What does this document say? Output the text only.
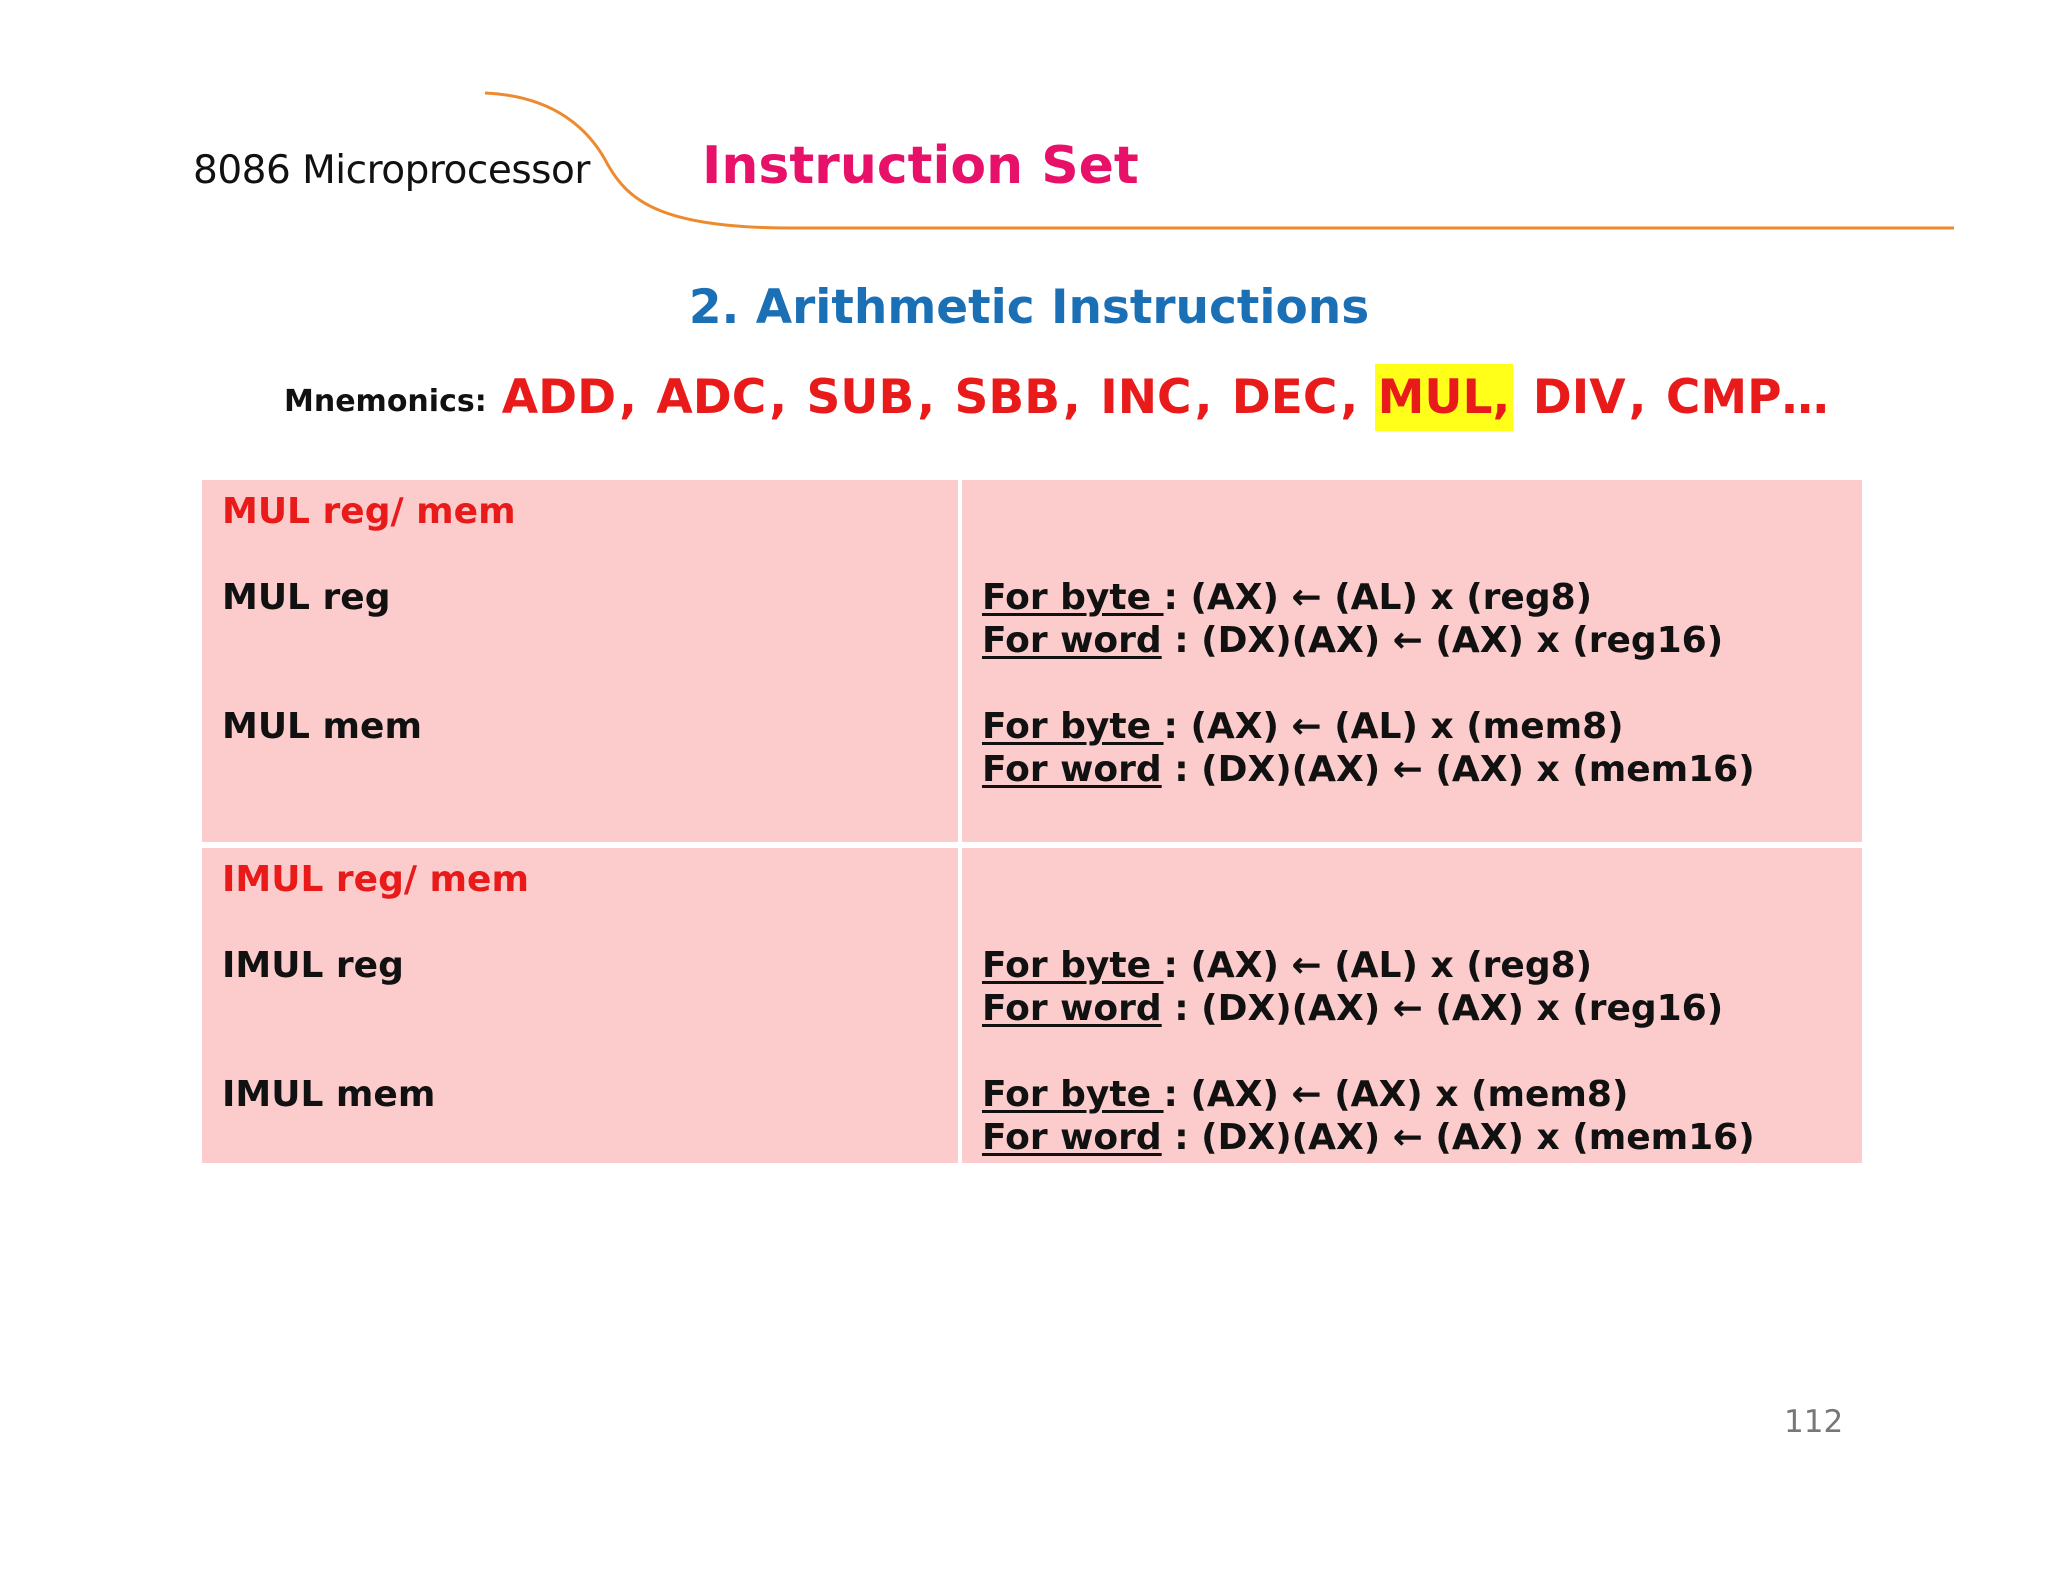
8086 Microprocessor Instruction Set
2. Arithmetic Instructions
Mnemonics: ADD , ADC , SUB , SBB , INC , DEC , MUL,
DIV , CMP…
MUL reg/ mem
MUL reg
MUL mem
For byte : (AX) ← (AL) x (reg8)
For word : (DX)(AX) ← (AX) x (reg16)
For byte : (AX) ← (AL) x (mem8)
For word : (DX)(AX) ← (AX) x (mem16)
IMUL reg/ mem
IMUL reg
IMUL mem
For byte : (AX) ← (AL) x (reg8)
For word : (DX)(AX) ← (AX) x (reg16)
For byte : (AX) ← (AX) x (mem8)
For word : (DX)(AX) ← (AX) x (mem16)
112
